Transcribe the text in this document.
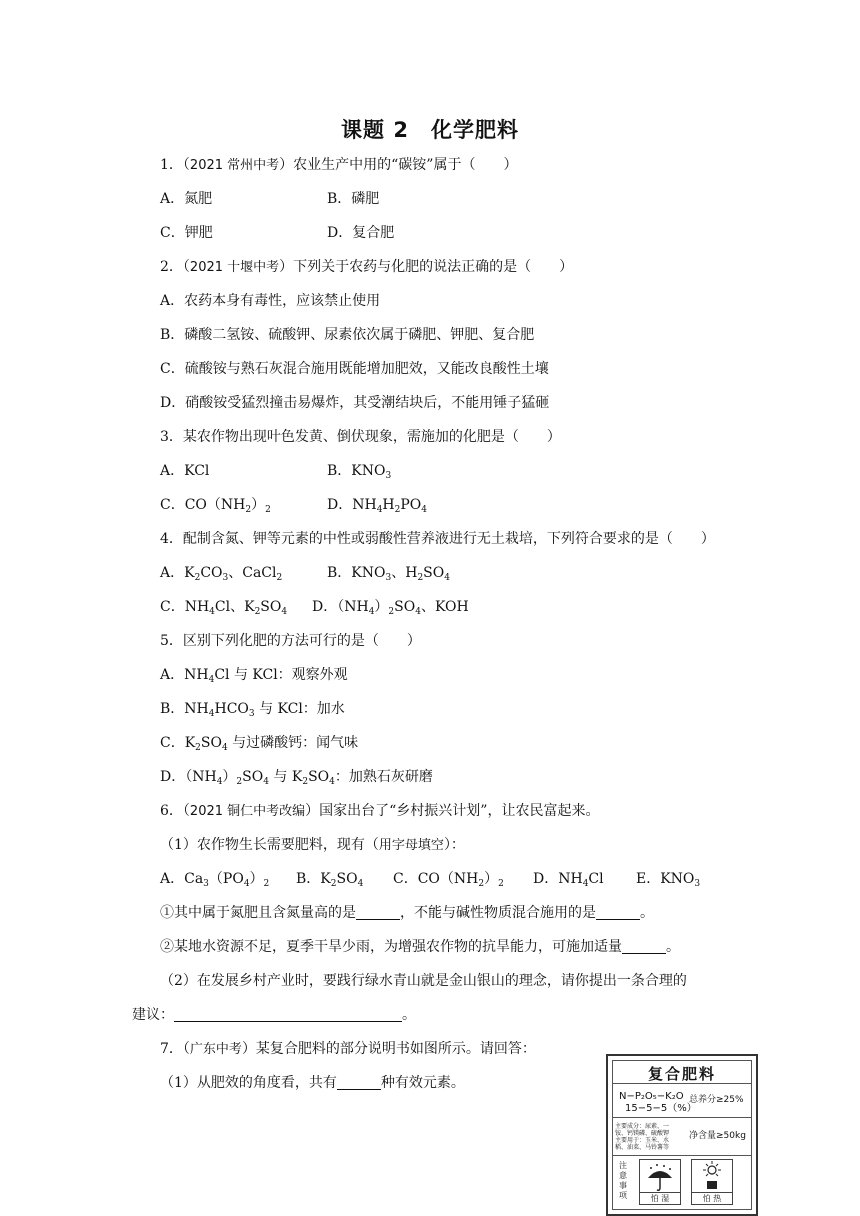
课题 2　化学肥料
1．（2021 常州中考）农业生产中用的“碳铵”属于（　　）
A．氮肥	B．磷肥
C．钾肥	D．复合肥
2．（2021 十堰中考）下列关于农药与化肥的说法正确的是（　　）
A．农药本身有毒性，应该禁止使用
B．磷酸二氢铵、硫酸钾、尿素依次属于磷肥、钾肥、复合肥
C．硫酸铵与熟石灰混合施用既能增加肥效，又能改良酸性土壤
D．硝酸铵受猛烈撞击易爆炸，其受潮结块后，不能用锤子猛砸
3．某农作物出现叶色发黄、倒伏现象，需施加的化肥是（　　）
A．KCl	B．$KNO_3$
C．$CO(NH_2)_2$	D．$NH_4H_2PO_4$
4．配制含氮、钾等元素的中性或弱酸性营养液进行无土栽培，下列符合要求的是（　　）
A．$K_2CO_3$、CaCl$_2$	B．$KNO_3$、$H_2SO_4$
C．$NH_4Cl$、$K_2SO_4$ D．$(NH_4)_2SO_4$、KOH
5．区别下列化肥的方法可行的是（　　）
A．$NH_4Cl$ 与 KCl：观察外观
B．$NH_4HCO_3$ 与 KCl：加水
C．$K_2SO_4$ 与过磷酸钙：闻气味
D．$(NH_4)_2SO_4$ 与 $K_2SO_4$：加熟石灰研磨
6．（2021 铜仁中考改编）国家出台了“乡村振兴计划”，让农民富起来。
（1）农作物生长需要肥料，现有（用字母填空）：
A．$Ca_3(PO_4)_2$ B．$K_2SO_4$ C．$CO(NH_2)_2$ D．$NH_4Cl$ E．$KNO_3$
①其中属于氮肥且含氮量高的是	，不能与碱性物质混合施用的是	。
②某地水资源不足，夏季干旱少雨，为增强农作物的抗旱能力，可施加适量	。
（2）在发展乡村产业时，要践行绿水青山就是金山银山的理念，请你提出一条合理的
建议：	。
7．（广东中考）某复合肥料的部分说明书如图所示。请回答：
（1）从肥效的角度看，共有	种有效元素。	复合肥料
N−P₂O₅−K₂O
15−5−5（%）
总养分≥25%
主要成分：尿素、一
铵、钙镁磷、硫酸钾
主要用于：玉米、水
稻、油菜、马铃薯等
净含量≥50kg
注意事项	怕 湿	怕 热
